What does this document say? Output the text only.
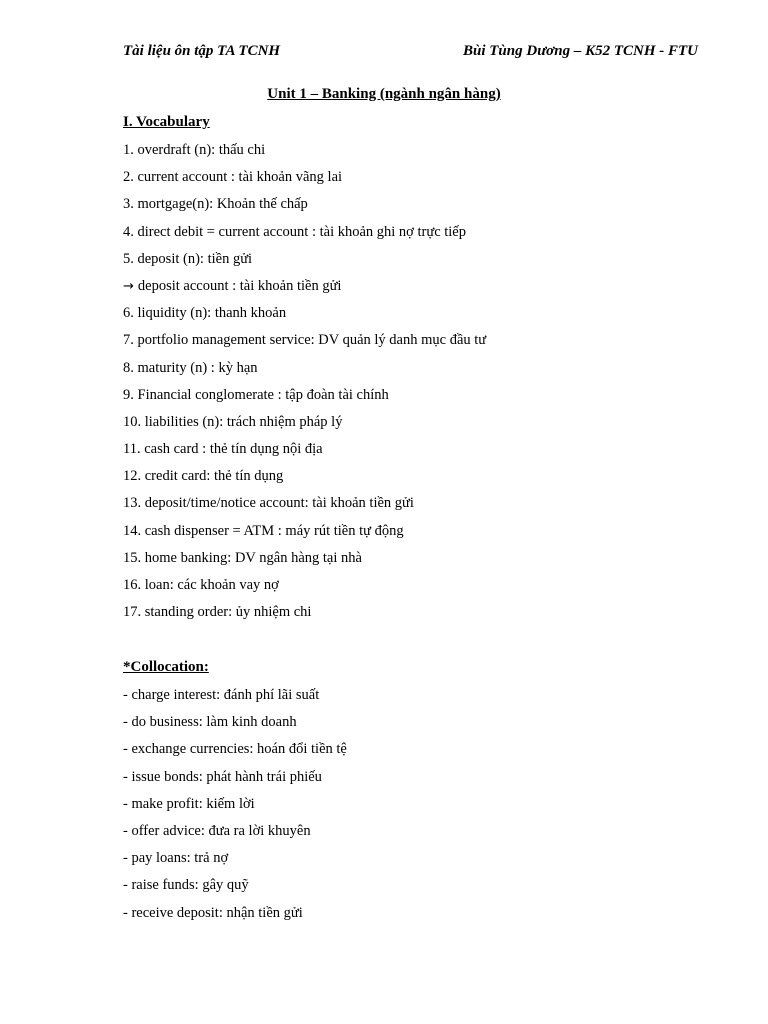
Tài liệu ôn tập TA TCNH	Bùi Tùng Dương – K52 TCNH - FTU
Unit 1 – Banking (ngành ngân hàng)
I. Vocabulary
1. overdraft (n): thấu chi
2. current account : tài khoản vãng lai
3. mortgage(n): Khoản thế chấp
4. direct debit = current account : tài khoản ghi nợ trực tiếp
5. deposit (n): tiền gửi
→ deposit account : tài khoản tiền gửi
6. liquidity (n): thanh khoản
7. portfolio management service: DV quản lý danh mục đầu tư
8. maturity (n) : kỳ hạn
9. Financial conglomerate : tập đoàn tài chính
10. liabilities (n): trách nhiệm pháp lý
11. cash card : thẻ tín dụng nội địa
12. credit card: thẻ tín dụng
13. deposit/time/notice account: tài khoản tiền gửi
14. cash dispenser = ATM : máy rút tiền tự động
15. home banking: DV ngân hàng tại nhà
16. loan: các khoản vay nợ
17. standing order: ủy nhiệm chi
*Collocation:
- charge interest: đánh phí lãi suất
- do business: làm kinh doanh
- exchange currencies: hoán đổi tiền tệ
- issue bonds: phát hành trái phiếu
- make profit: kiếm lời
- offer advice: đưa ra lời khuyên
- pay loans: trả nợ
- raise funds: gây quỹ
- receive deposit: nhận tiền gửi
